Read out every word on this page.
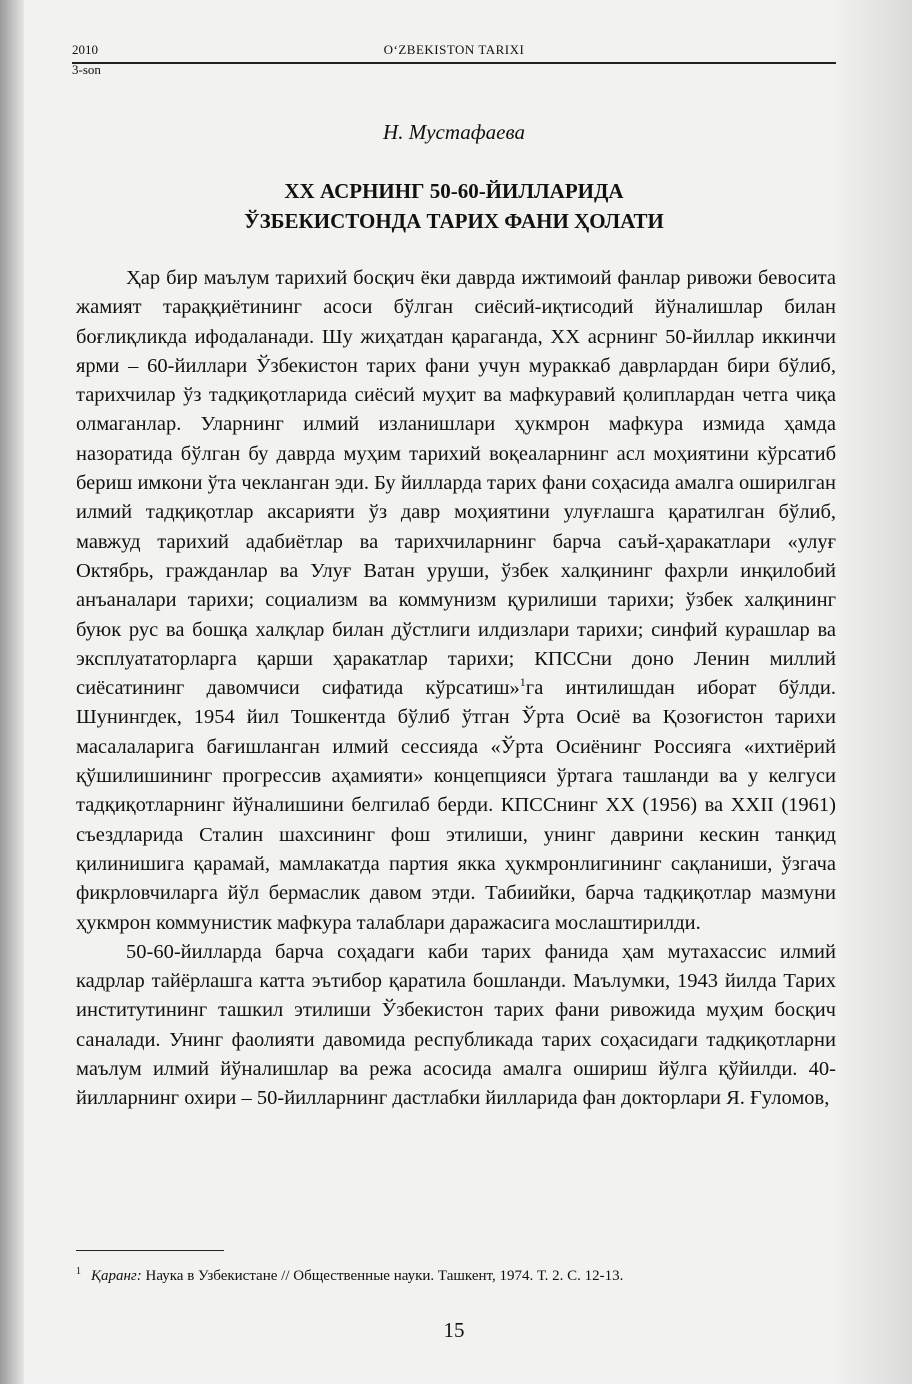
2010	O‘ZBEKISTON TARIXI
3-son
Н. Мустафаева
ХХ АСРНИНГ 50-60-ЙИЛЛАРИДА
ЎЗБЕКИСТОНДА ТАРИХ ФАНИ ҲОЛАТИ

Ҳар бир маълум тарихий босқич ёки даврда ижтимоий фанлар ривожи бевосита жамият тараққиётининг асоси бўлган сиёсий-иқтисодий йўналишлар билан боғлиқликда ифодаланади. Шу жиҳатдан қараганда, ХХ асрнинг 50-йиллар иккинчи ярми – 60-йиллари Ўзбекистон тарих фани учун мураккаб даврлардан бири бўлиб, тарихчилар ўз тадқиқотларида сиёсий муҳит ва мафкуравий қолиплардан четга чиқа олмаганлар. Уларнинг илмий изланишлари ҳукмрон мафкура измида ҳамда назоратида бўлган бу даврда муҳим тарихий воқеаларнинг асл моҳиятини кўрсатиб бериш имкони ўта чекланган эди. Бу йилларда тарих фани соҳасида амалга оширилган илмий тадқиқотлар аксарияти ўз давр моҳиятини улуғлашга қаратилган бўлиб, мавжуд тарихий адабиётлар ва тарихчиларнинг барча саъй-ҳаракатлари «улуғ Октябрь, гражданлар ва Улуғ Ватан уруши, ўзбек халқининг фахрли инқилобий анъаналари тарихи; социализм ва коммунизм қурилиши тарихи; ўзбек халқининг буюк рус ва бошқа халқлар билан дўстлиги илдизлари тарихи; синфий курашлар ва эксплуататорларга қарши ҳаракатлар тарихи; КПССни доно Ленин миллий сиёсатининг давомчиси сифатида кўрсатиш»$^1$га интилишдан иборат бўлди. Шунингдек, 1954 йил Тошкентда бўлиб ўтган Ўрта Осиё ва Қозоғистон тарихи масалаларига бағишланган илмий сессияда «Ўрта Осиёнинг Россияга «ихтиёрий қўшилишининг прогрессив аҳамияти» концепцияси ўртага ташланди ва у келгуси тадқиқотларнинг йўналишини белгилаб берди. КПССнинг ХХ (1956) ва ХХII (1961) съездларида Сталин шахсининг фош этилиши, унинг даврини кескин танқид қилинишига қарамай, мамлакатда партия якка ҳукмронлигининг сақланиши, ўзгача фикрловчиларга йўл бермаслик давом этди. Табиийки, барча тадқиқотлар мазмуни ҳукмрон коммунистик мафкура талаблари даражасига мослаштирилди.

50-60-йилларда барча соҳадаги каби тарих фанида ҳам мутахассис илмий кадрлар тайёрлашга катта эътибор қаратила бошланди. Маълумки, 1943 йилда Тарих институтининг ташкил этилиши Ўзбекистон тарих фани ривожида муҳим босқич саналади. Унинг фаолияти давомида республикада тарих соҳасидаги тадқиқотларни маълум илмий йўналишлар ва режа асосида амалга ошириш йўлга қўйилди. 40-йилларнинг охири – 50-йилларнинг дастлабки йилларида фан докторлари Я. Ғуломов,

$^1$ Қаранг: Наука в Узбекистане // Общественные науки. Ташкент, 1974. Т. 2. С. 12-13.
15
